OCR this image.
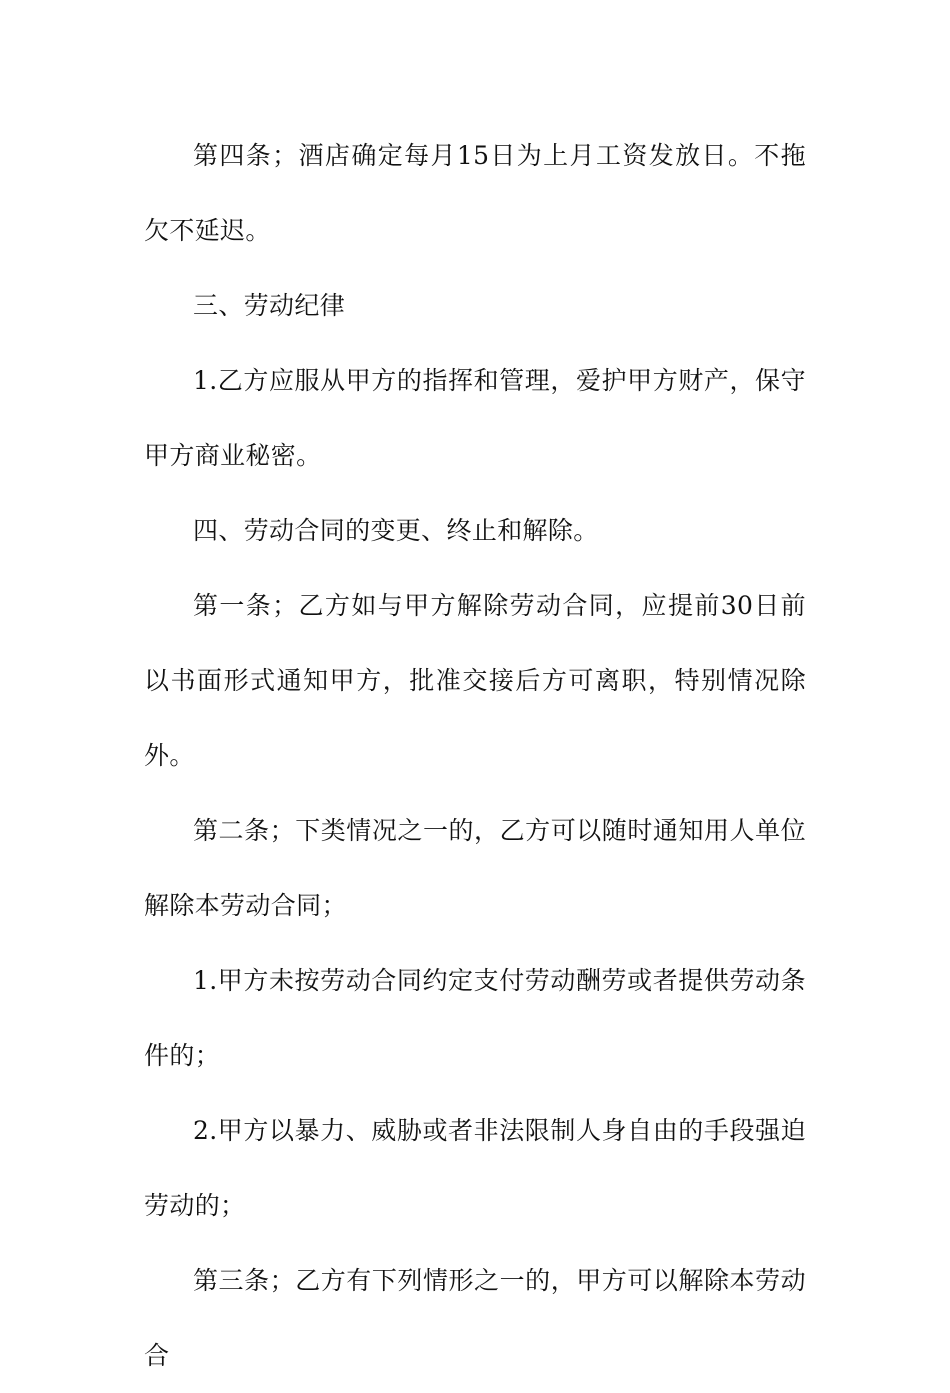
第四条；酒店确定每月15日为上月工资发放日。不拖欠不延迟。

三、劳动纪律

1.乙方应服从甲方的指挥和管理，爱护甲方财产，保守甲方商业秘密。

四、劳动合同的变更、终止和解除。

第一条；乙方如与甲方解除劳动合同，应提前30日前以书面形式通知甲方，批准交接后方可离职，特别情况除外。

第二条；下类情况之一的，乙方可以随时通知用人单位解除本劳动合同；

1.甲方未按劳动合同约定支付劳动酬劳或者提供劳动条件的；

2.甲方以暴力、威胁或者非法限制人身自由的手段强迫劳动的；

第三条；乙方有下列情形之一的，甲方可以解除本劳动合
